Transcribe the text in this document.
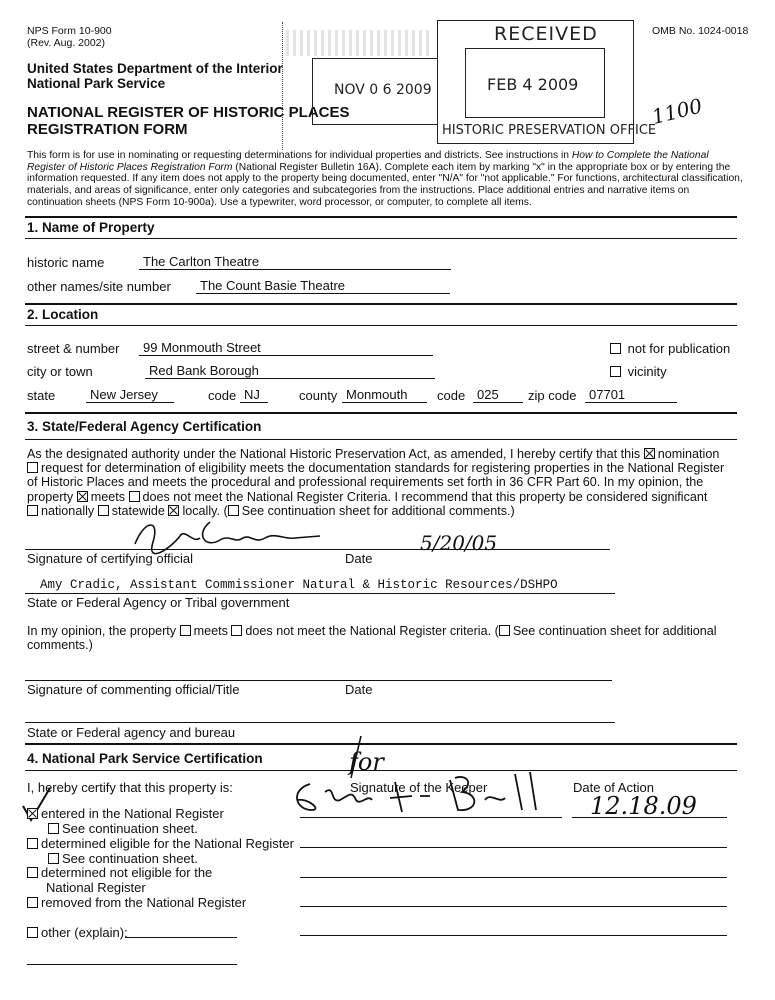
NPS Form 10-900
(Rev. Aug. 2002)
OMB No. 1024-0018
United States Department of the Interior
National Park Service
NATIONAL REGISTER OF HISTORIC PLACES
REGISTRATION FORM
NOV 0 6 2009
RECEIVED
FEB 4 2009
HISTORIC PRESERVATION OFFICE
1100
This form is for use in nominating or requesting determinations for individual properties and districts. See instructions in How to Complete the National Register of Historic Places Registration Form (National Register Bulletin 16A). Complete each item by marking "x" in the appropriate box or by entering the information requested. If any item does not apply to the property being documented, enter "N/A" for "not applicable." For functions, architectural classification, materials, and areas of significance, enter only categories and subcategories from the instructions. Place additional entries and narrative items on continuation sheets (NPS Form 10-900a). Use a typewriter, word processor, or computer, to complete all items.
1. Name of Property
historic name	The Carlton Theatre
other names/site number	The Count Basie Theatre
2. Location
street & number	99 Monmouth Street	not for publication
city or town	Red Bank Borough	vicinity
state	New Jersey	code NJ	county Monmouth	code 025	zip code 07701
3. State/Federal Agency Certification
As the designated authority under the National Historic Preservation Act, as amended, I hereby certify that this nomination
request for determination of eligibility meets the documentation standards for registering properties in the National Register
of Historic Places and meets the procedural and professional requirements set forth in 36 CFR Part 60. In my opinion, the
property meets does not meet the National Register Criteria. I recommend that this property be considered significant
nationally statewide locally. ( See continuation sheet for additional comments.)
5/20/05
Signature of certifying official	Date
Amy Cradic, Assistant Commissioner Natural & Historic Resources/DSHPO
State or Federal Agency or Tribal government
In my opinion, the property meets does not meet the National Register criteria. ( See continuation sheet for additional
comments.)
Signature of commenting official/Title	Date
State or Federal agency and bureau
4. National Park Service Certification
I, hereby certify that this property is:	Signature of the Keeper	Date of Action
for
12.18.09
entered in the National Register
See continuation sheet.
determined eligible for the National Register
See continuation sheet.
determined not eligible for the
National Register
removed from the National Register
other (explain):
